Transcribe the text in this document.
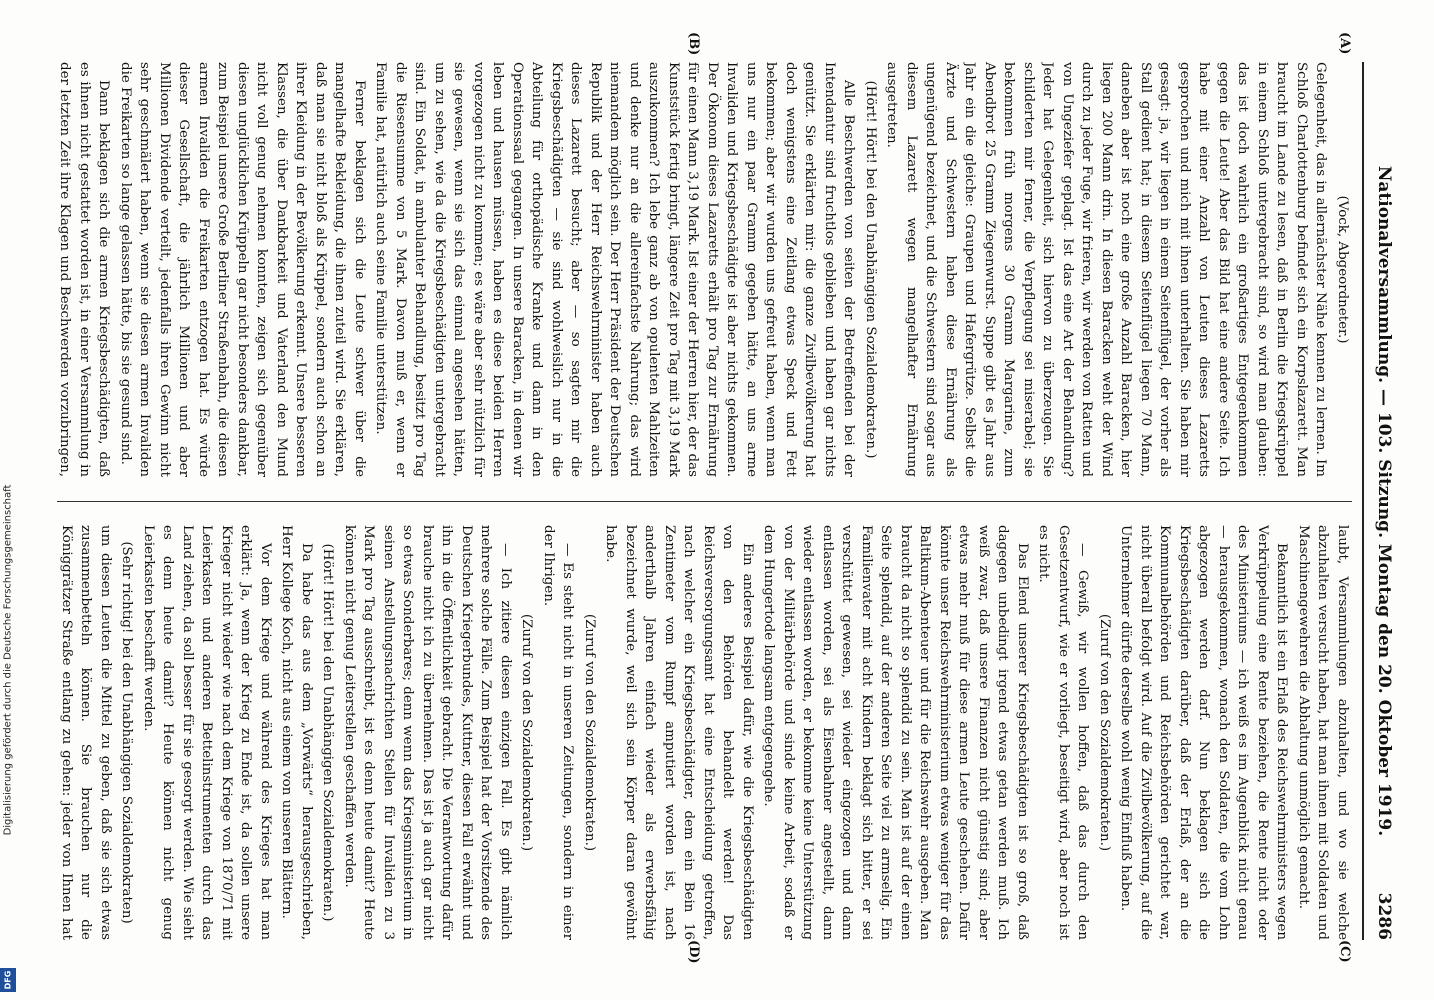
Nationalversammlung. — 103. Sitzung. Montag den 20. Oktober 1919.
3286

(Vock, Abgeordneter.)

Gelegenheit, das in allernächster Nähe kennen zu lernen. Im Schloß Charlottenburg befindet sich ein Korpslazarett. Man braucht im Lande zu lesen, daß in Berlin die Kriegskrüppel in einem Schloß untergebracht sind, so wird man glauben: das ist doch wahrlich ein großartiges Entgegenkommen gegen die Leute! Aber das Bild hat eine andere Seite. Ich habe mit einer Anzahl von Leuten dieses Lazaretts gesprochen und mich mit ihnen unterhalten. Sie haben mir gesagt: ja, wir liegen in einem Seitenflügel, der vorher als Stall gedient hat; in diesem Seitenflügel liegen 70 Mann, daneben aber ist noch eine große Anzahl Baracken, hier liegen 200 Mann drin. In diesen Baracken weht der Wind durch zu jeder Fuge, wir frieren, wir werden von Ratten und von Ungeziefer geplagt. Ist das eine Art der Behandlung? Jeder hat Gelegenheit, sich hiervon zu überzeugen. Sie schilderten mir ferner, die Verpflegung sei miserabel; sie bekommen früh morgens 30 Gramm Margarine, zum Abendbrot 25 Gramm Ziegenwurst. Suppe gibt es Jahr aus Jahr ein die gleiche: Graupen und Hafergrütze. Selbst die Ärzte und Schwestern haben diese Ernährung als ungenügend bezeichnet, und die Schwestern sind sogar aus diesem Lazarett wegen mangelhafter Ernährung ausgetreten.

(Hört! Hört! bei den Unabhängigen Sozialdemokraten.)

Alle Beschwerden von seiten der Betreffenden bei der Intendantur sind fruchtlos geblieben und haben gar nichts genützt. Sie erklärten mir: die ganze Zivilbevölkerung hat doch wenigstens eine Zeitlang etwas Speck und Fett bekommen; aber wir wurden uns gefreut haben, wenn man uns nur ein paar Gramm gegeben hätte, an uns arme Invaliden und Kriegsbeschädigte ist aber nichts gekommen. Der Ökonom dieses Lazaretts erhält pro Tag zur Ernährung für einen Mann 3,19 Mark. Ist einer der Herren hier, der das Kunststück fertig bringt, längere Zeit pro Tag mit 3,19 Mark auszukommen? Ich lebe ganz ab von opulenten Mahlzeiten und denke nur an die allereinfachste Nahrung; das wird niemandem möglich sein. Der Herr Präsident der Deutschen Republik und der Herr Reichswehrminister haben auch dieses Lazarett besucht; aber — so sagten mir die Kriegsbeschädigten — sie sind wohlweislich nur in die Abteilung für orthopädische Kranke und dann in den Operationssaal gegangen. In unsere Baracken, in denen wir leben und hausen müssen, haben es diese beiden Herren vorgezogen nicht zu kommen; es wäre aber sehr nützlich für sie gewesen, wenn sie sich das einmal angesehen hätten, um zu sehen, wie da die Kriegsbeschädigten untergebracht sind. Ein Soldat, in ambulanter Behandlung, besitzt pro Tag die Riesensumme von 5 Mark. Davon muß er, wenn er Familie hat, natürlich auch seine Familie unterstützen.

Ferner beklagen sich die Leute schwer über die mangelhafte Bekleidung, die ihnen zuteil wird. Sie erklären, daß man sie nicht bloß als Krüppel, sondern auch schon an ihrer Kleidung in der Bevölkerung erkennt. Unsere besseren Klassen, die über Dankbarkeit und Vaterland den Mund nicht voll genug nehmen konnten, zeigen sich gegenüber diesen unglücklichen Krüppeln gar nicht besonders dankbar, zum Beispiel unsere Große Berliner Straßenbahn, die diesen armen Invaliden die Freikarten entzogen hat. Es würde dieser Gesellschaft, die jährlich Millionen und aber Millionen Dividende verteilt, jedenfalls ihren Gewinn nicht sehr geschmälert haben, wenn sie diesen armen Invaliden die Freikarten so lange gelassen hätte, bis sie gesund sind.

Dann beklagen sich die armen Kriegsbeschädigten, daß es ihnen nicht gestattet worden ist, in einer Versammlung in der letzten Zeit ihre Klagen und Beschwerden vorzubringen,

laubt, Versammlungen abzuhalten, und wo sie welche abzuhalten versucht haben, hat man ihnen mit Soldaten und Maschinengewehren die Abhaltung unmöglich gemacht.

Bekanntlich ist ein Erlaß des Reichswehrministers wegen Verkrüppelung eine Rente beziehen, die Rente nicht oder des Ministeriums — ich weiß es im Augenblick nicht genau — herausgekommen, wonach den Soldaten, die vom Lohn abgezogen werden darf. Nun beklagen sich die Kriegsbeschädigten darüber, daß der Erlaß, der an die Kommunalbehörden und Reichsbehörden gerichtet war, nicht überall befolgt wird. Auf die Zivilbevölkerung, auf die Unternehmer dürfte derselbe wohl wenig Einfluß haben.

(Zuruf von den Sozialdemokraten.)

— Gewiß, wir wollen hoffen, daß das durch den Gesetzentwurf, wie er vorliegt, beseitigt wird, aber noch ist es nicht.

Das Elend unserer Kriegsbeschädigten ist so groß, daß dagegen unbedingt irgend etwas getan werden muß. Ich weiß zwar, daß unsere Finanzen nicht günstig sind; aber etwas mehr muß für diese armen Leute geschehen. Dafür könnte unser Reichswehrministerium etwas weniger für das Baltikum-Abenteuer und für die Reichswehr ausgeben. Man braucht da nicht so splendid zu sein. Man ist auf der einen Seite splendid, auf der anderen Seite viel zu armselig. Ein Familienvater mit acht Kindern beklagt sich bitter, er sei verschüttet gewesen, sei wieder eingezogen und dann entlassen worden, sei als Eisenbahner angestellt, dann wieder entlassen worden, er bekomme keine Unterstützung von der Militärbehörde und sinde keine Arbeit, sodaß er dem Hungertode langsam entgegengehe.

Ein anderes Beispiel dafür, wie die Kriegsbeschädigten von den Behörden behandelt werden! Das Reichsversorgungsamt hat eine Entscheidung getroffen, nach welcher ein Kriegsbeschädigter, dem ein Bein 16 Zentimeter vom Rumpf amputiert worden ist, nach anderthalb Jahren einfach wieder als erwerbsfähig bezeichnet wurde, weil sich sein Körper daran gewöhnt habe.

(Zuruf von den Sozialdemokraten.)

— Es steht nicht in unseren Zeitungen, sondern in einer der Ihrigen.

(Zuruf von den Sozialdemokraten.)

— Ich zitiere diesen einzigen Fall. Es gibt nämlich mehrere solche Fälle. Zum Beispiel hat der Vorsitzende des Deutschen Kriegerbundes, Kuttner, diesen Fall erwähnt und ihn in die Öffentlichkeit gebracht. Die Verantwortung dafür brauche nicht ich zu übernehmen. Das ist ja auch gar nicht so etwas Sonderbares; denn wenn das Kriegsministerium in seinen Anstellungsnachrichten Stellen für Invaliden zu 3 Mark pro Tag ausschreibt, ist es denn heute damit? Heute können nicht genug Leiterstellen geschaffen werden.

(Hört! Hört! bei den Unabhängigen Sozialdemokraten.)

Da habe das aus dem „Vorwärts“ herausgeschrieben, Herr Kollege Koch, nicht aus einem von unseren Blättern.

Vor dem Kriege und während des Krieges hat man erklärt: Ja, wenn der Krieg zu Ende ist, da sollen unsere Krieger nicht wieder wie nach dem Kriege von 1870/71 mit Leierkasten und anderen Bettelinstrumenten durch das Land ziehen, da soll besser für sie gesorgt werden. Wie sieht es denn heute damit? Heute können nicht genug Leierkasten beschafft werden.

(Sehr richtig! bei den Unabhängigen Sozialdemokraten)

um diesen Leuten die Mittel zu geben, daß sie sich etwas zusammenbetteln können. Sie brauchen nur die Königgrätzer Straße entlang zu gehen: jeder von Ihnen hat

(A)
(B)
(C)
(D)
Digitalisierung gefördert durch die Deutsche Forschungsgemeinschaft
DFG
